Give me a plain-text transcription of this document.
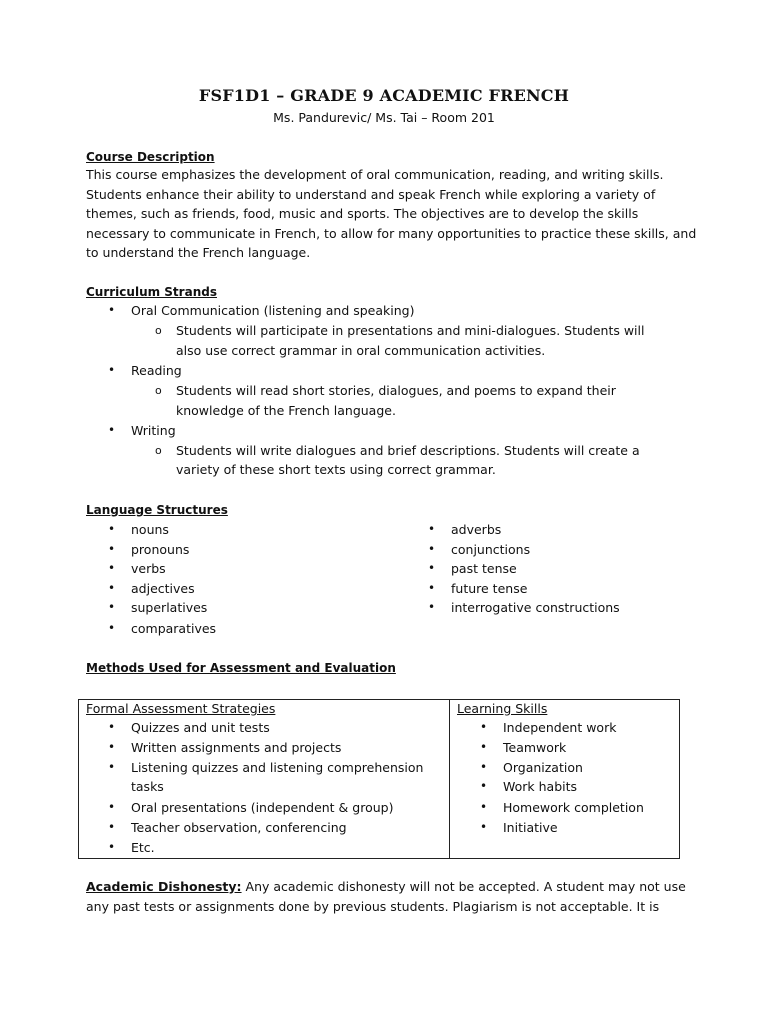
FSF1D1 – GRADE 9 ACADEMIC FRENCH
Ms. Pandurevic/ Ms. Tai – Room 201
Course Description
This course emphasizes the development of oral communication, reading, and writing skills.
Students enhance their ability to understand and speak French while exploring a variety of
themes, such as friends, food, music and sports. The objectives are to develop the skills
necessary to communicate in French, to allow for many opportunities to practice these skills, and
to understand the French language.
Curriculum Strands
• Oral Communication (listening and speaking)
o Students will participate in presentations and mini-dialogues. Students will
also use correct grammar in oral communication activities.
• Reading
o Students will read short stories, dialogues, and poems to expand their
knowledge of the French language.
• Writing
o Students will write dialogues and brief descriptions. Students will create a
variety of these short texts using correct grammar.
Language Structures
• nouns
• pronouns
• verbs
• adjectives
• superlatives
• comparatives
• adverbs
• conjunctions
• past tense
• future tense
• interrogative constructions
Methods Used for Assessment and Evaluation
Formal Assessment Strategies
• Quizzes and unit tests
• Written assignments and projects
• Listening quizzes and listening comprehension
tasks
• Oral presentations (independent & group)
• Teacher observation, conferencing
• Etc.
Learning Skills
• Independent work
• Teamwork
• Organization
• Work habits
• Homework completion
• Initiative
Academic Dishonesty: Any academic dishonesty will not be accepted. A student may not use
any past tests or assignments done by previous students. Plagiarism is not acceptable. It is
